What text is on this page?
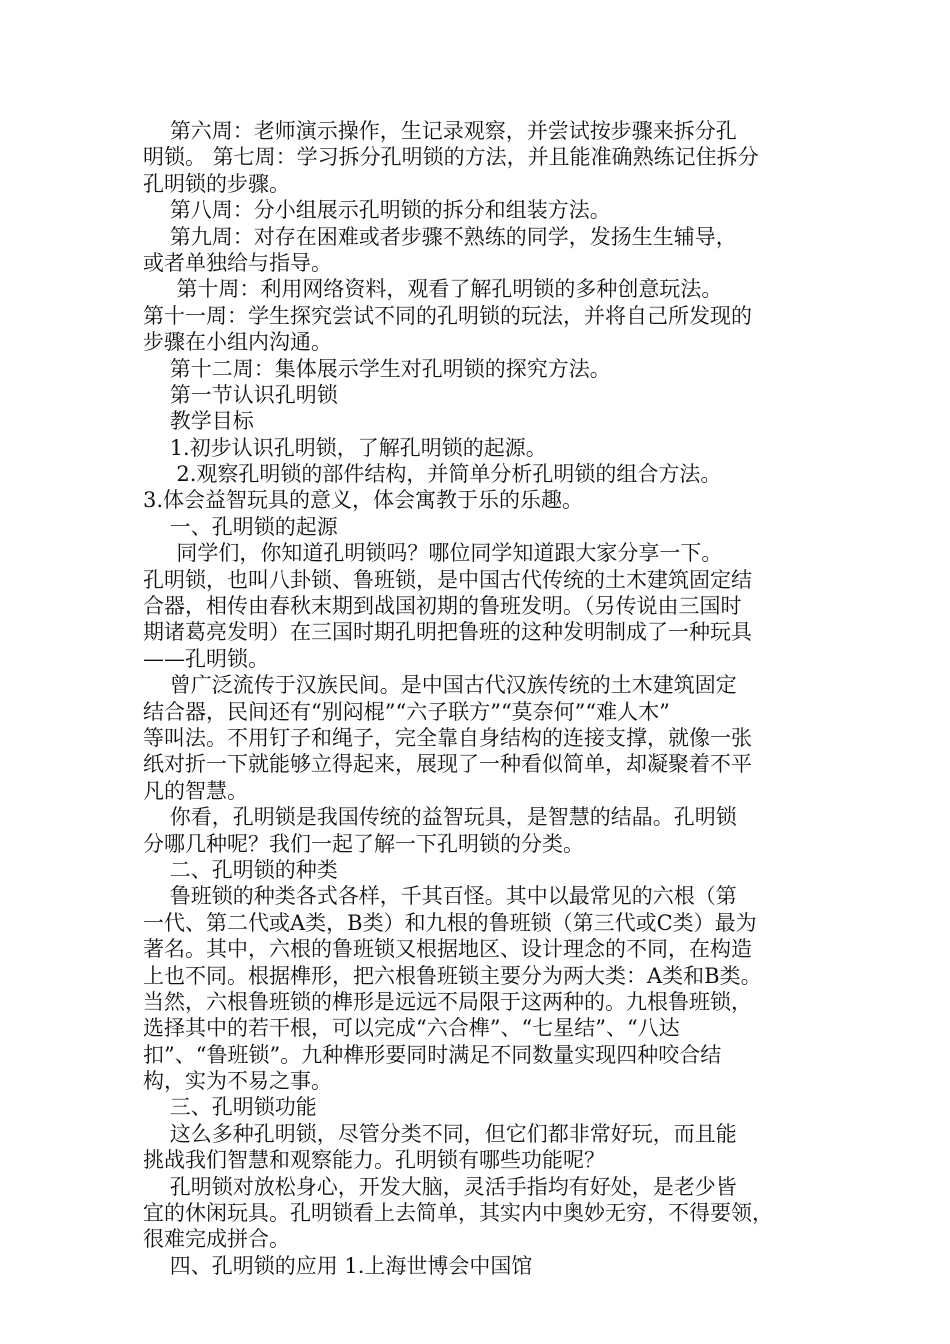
第六周：老师演示操作，生记录观察，并尝试按步骤来拆分孔
明锁。 第七周：学习拆分孔明锁的方法，并且能准确熟练记住拆分
孔明锁的步骤。
第八周：分小组展示孔明锁的拆分和组装方法。
第九周：对存在困难或者步骤不熟练的同学，发扬生生辅导，
或者单独给与指导。
第十周：利用网络资料，观看了解孔明锁的多种创意玩法。
第十一周：学生探究尝试不同的孔明锁的玩法，并将自己所发现的
步骤在小组内沟通。
第十二周：集体展示学生对孔明锁的探究方法。
第一节认识孔明锁
教学目标
1.初步认识孔明锁，了解孔明锁的起源。
2.观察孔明锁的部件结构，并简单分析孔明锁的组合方法。
3.体会益智玩具的意义，体会寓教于乐的乐趣。
一、孔明锁的起源
同学们，你知道孔明锁吗？哪位同学知道跟大家分享一下。
孔明锁，也叫八卦锁、鲁班锁，是中国古代传统的土木建筑固定结
合器，相传由春秋末期到战国初期的鲁班发明。（另传说由三国时
期诸葛亮发明）在三国时期孔明把鲁班的这种发明制成了一种玩具
——孔明锁。
曾广泛流传于汉族民间。是中国古代汉族传统的土木建筑固定
结合器，民间还有“别闷棍”“六子联方”“莫奈何”“难人木”
等叫法。不用钉子和绳子，完全靠自身结构的连接支撑，就像一张
纸对折一下就能够立得起来，展现了一种看似简单，却凝聚着不平
凡的智慧。
你看，孔明锁是我国传统的益智玩具，是智慧的结晶。孔明锁
分哪几种呢？我们一起了解一下孔明锁的分类。
二、孔明锁的种类
鲁班锁的种类各式各样，千其百怪。其中以最常见的六根（第
一代、第二代或A类，B类）和九根的鲁班锁（第三代或C类）最为
著名。其中，六根的鲁班锁又根据地区、设计理念的不同，在构造
上也不同。根据榫形，把六根鲁班锁主要分为两大类：A类和B类。
当然，六根鲁班锁的榫形是远远不局限于这两种的。九根鲁班锁，
选择其中的若干根，可以完成“六合榫”、“七星结”、“八达
扣”、“鲁班锁”。九种榫形要同时满足不同数量实现四种咬合结
构，实为不易之事。
三、孔明锁功能
这么多种孔明锁，尽管分类不同，但它们都非常好玩，而且能
挑战我们智慧和观察能力。孔明锁有哪些功能呢？
孔明锁对放松身心，开发大脑，灵活手指均有好处，是老少皆
宜的休闲玩具。孔明锁看上去简单，其实内中奥妙无穷，不得要领，
很难完成拼合。
四、孔明锁的应用 1.上海世博会中国馆
